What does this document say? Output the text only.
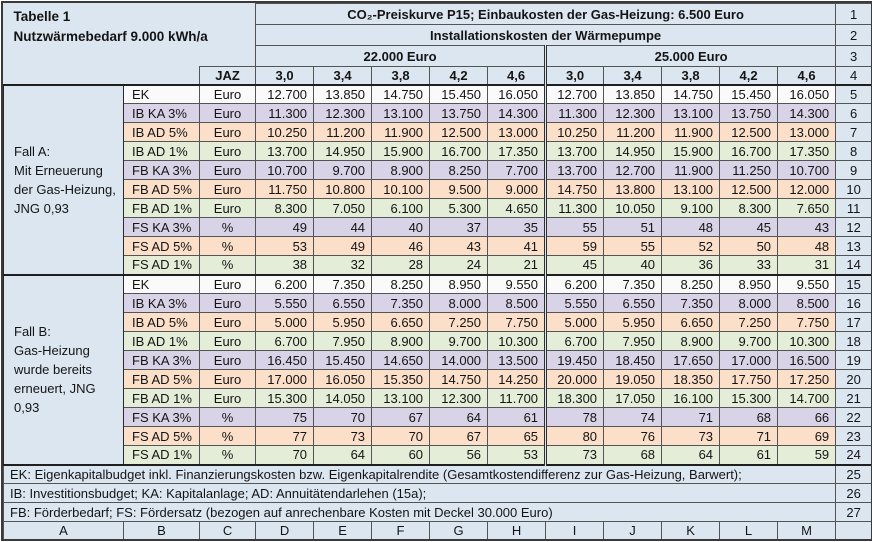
Tabelle 1
Nutzwärmebedarf 9.000 kWh/a			CO₂-Preiskurve P15; Einbaukosten der Gas-Heizung: 6.500 Euro										1
			Installationskosten der Wärmepumpe										2
			22.000 Euro					25.000 Euro					3
		JAZ	3,0	3,4	3,8	4,2	4,6	3,0	3,4	3,8	4,2	4,6	4

Fall A:
Mit Erneuerung
der Gas-Heizung,
JNG 0,93	EK	Euro	12.700	13.850	14.750	15.450	16.050	12.700	13.850	14.750	15.450	16.050	5
	IB KA 3%	Euro	11.300	12.300	13.100	13.750	14.300	11.300	12.300	13.100	13.750	14.300	6
	IB AD 5%	Euro	10.250	11.200	11.900	12.500	13.000	10.250	11.200	11.900	12.500	13.000	7
	IB AD 1%	Euro	13.700	14.950	15.900	16.700	17.350	13.700	14.950	15.900	16.700	17.350	8
	FB KA 3%	Euro	10.700	9.700	8.900	8.250	7.700	13.700	12.700	11.900	11.250	10.700	9
	FB AD 5%	Euro	11.750	10.800	10.100	9.500	9.000	14.750	13.800	13.100	12.500	12.000	10
	FB AD 1%	Euro	8.300	7.050	6.100	5.300	4.650	11.300	10.050	9.100	8.300	7.650	11
	FS KA 3%	%	49	44	40	37	35	55	51	48	45	43	12
	FS AD 5%	%	53	49	46	43	41	59	55	52	50	48	13
	FS AD 1%	%	38	32	28	24	21	45	40	36	33	31	14

Fall B:
Gas-Heizung
wurde bereits
erneuert, JNG
0,93	EK	Euro	6.200	7.350	8.250	8.950	9.550	6.200	7.350	8.250	8.950	9.550	15
	IB KA 3%	Euro	5.550	6.550	7.350	8.000	8.500	5.550	6.550	7.350	8.000	8.500	16
	IB AD 5%	Euro	5.000	5.950	6.650	7.250	7.750	5.000	5.950	6.650	7.250	7.750	17
	IB AD 1%	Euro	6.700	7.950	8.900	9.700	10.300	6.700	7.950	8.900	9.700	10.300	18
	FB KA 3%	Euro	16.450	15.450	14.650	14.000	13.500	19.450	18.450	17.650	17.000	16.500	19
	FB AD 5%	Euro	17.000	16.050	15.350	14.750	14.250	20.000	19.050	18.350	17.750	17.250	20
	FB AD 1%	Euro	15.300	14.050	13.100	12.300	11.700	18.300	17.050	16.100	15.300	14.700	21
	FS KA 3%	%	75	70	67	64	61	78	74	71	68	66	22
	FS AD 5%	%	77	73	70	67	65	80	76	73	71	69	23
	FS AD 1%	%	70	64	60	56	53	73	68	64	61	59	24
EK: Eigenkapitalbudget inkl. Finanzierungskosten bzw. Eigenkapitalrendite (Gesamtkostendifferenz zur Gas-Heizung, Barwert);													25
IB: Investitionsbudget; KA: Kapitalanlage; AD: Annuitätendarlehen (15a);													26
FB: Förderbedarf; FS: Fördersatz (bezogen auf anrechenbare Kosten mit Deckel 30.000 Euro)													27
A	B	C	D	E	F	G	H	I	J	K	L	M	
